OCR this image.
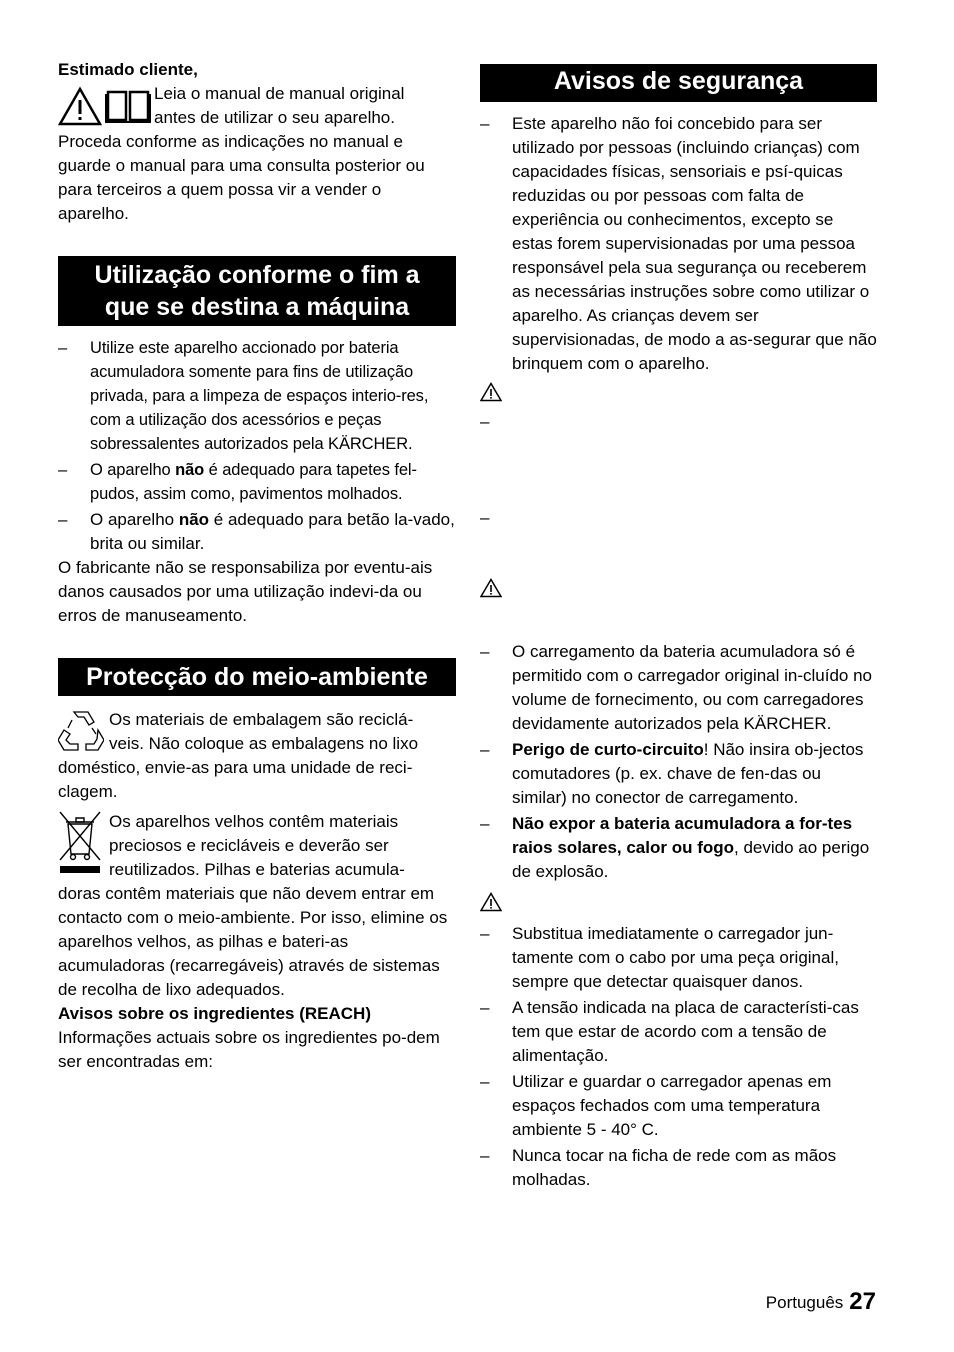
Estimado cliente,

Leia o manual de manual original

antes de utilizar o seu aparelho.

Proceda conforme as indicações no manual e guarde o manual para uma consulta posterior ou para terceiros a quem possa vir a vender o aparelho.

Utilização conforme o fim a
que se destina a máquina
– Utilize este aparelho accionado por bateria acumuladora somente para fins de utilização privada, para a limpeza de espaços interio-res, com a utilização dos acessórios e peças sobressalentes autorizados pela KÄRCHER.
– O aparelho não é adequado para tapetes fel-pudos, assim como, pavimentos molhados.
– O aparelho não é adequado para betão la-vado, brita ou similar.

O fabricante não se responsabiliza por eventu-ais danos causados por uma utilização indevi-da ou erros de manuseamento.

Protecção do meio-ambiente

Os materiais de embalagem são reciclá-

veis. Não coloque as embalagens no lixo

doméstico, envie-as para uma unidade de reci-clagem.

Os aparelhos velhos contêm materiais

preciosos e recicláveis e deverão ser

reutilizados. Pilhas e baterias acumula-

doras contêm materiais que não devem entrar em contacto com o meio-ambiente. Por isso, elimine os aparelhos velhos, as pilhas e bateri-as acumuladoras (recarregáveis) através de sistemas de recolha de lixo adequados.

Avisos sobre os ingredientes (REACH)

Informações actuais sobre os ingredientes po-dem ser encontradas em:

Avisos de segurança
– Este aparelho não foi concebido para ser utilizado por pessoas (incluindo crianças) com capacidades físicas, sensoriais e psí-quicas reduzidas ou por pessoas com falta de experiência ou conhecimentos, excepto se estas forem supervisionadas por uma pessoa responsável pela sua segurança ou receberem as necessárias instruções sobre como utilizar o aparelho. As crianças devem ser supervisionadas, de modo a as-segurar que não brinquem com o aparelho.
–
–
– O carregamento da bateria acumuladora só é permitido com o carregador original in-cluído no volume de fornecimento, ou com carregadores devidamente autorizados pela KÄRCHER.
– Perigo de curto-circuito! Não insira ob-jectos comutadores (p. ex. chave de fen-das ou similar) no conector de carregamento.
– Não expor a bateria acumuladora a for-tes raios solares, calor ou fogo, devido ao perigo de explosão.
– Substitua imediatamente o carregador jun-tamente com o cabo por uma peça original, sempre que detectar quaisquer danos.
– A tensão indicada na placa de característi-cas tem que estar de acordo com a tensão de alimentação.
– Utilizar e guardar o carregador apenas em espaços fechados com uma temperatura ambiente 5 - 40° C.
– Nunca tocar na ficha de rede com as mãos molhadas.
Português 27
